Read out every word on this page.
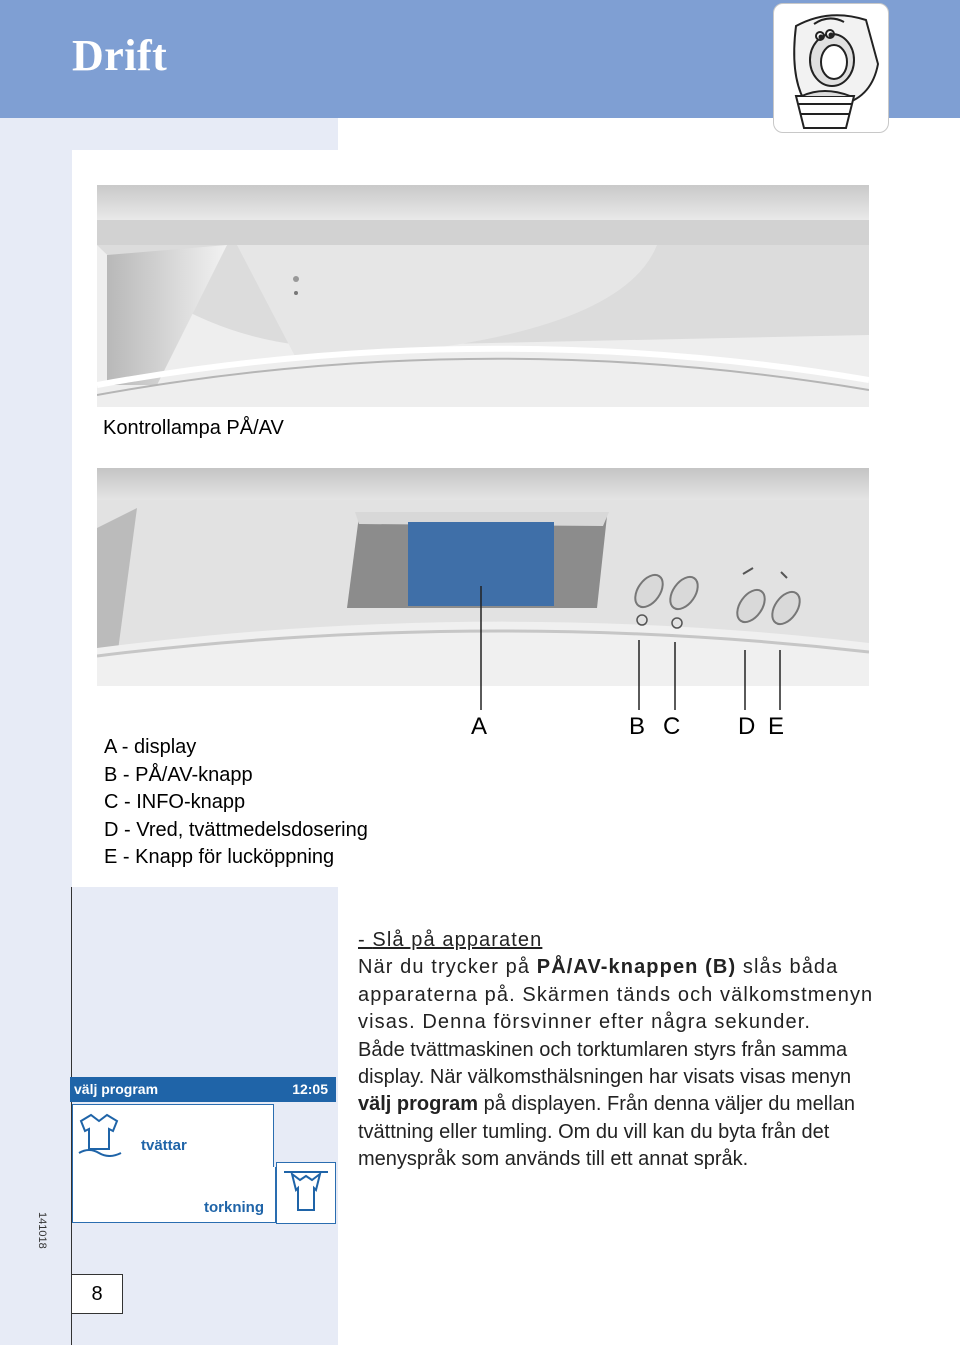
Drift
Kontrollampa PÅ/AV
A	B C D E
A - display
B - PÅ/AV-knapp
C - INFO-knapp
D - Vred, tvättmedelsdosering
E - Knapp för lucköppning

- Slå på apparaten

När du trycker på PÅ/AV-knappen (B) slås båda apparaterna på. Skärmen tänds och välkomstmenyn visas. Denna försvinner efter några sekunder.

Både tvättmaskinen och torktumlaren styrs från samma display. När välkomsthälsningen har visats visas menyn välj program på displayen. Från denna väljer du mellan tvättning eller tumling. Om du vill kan du byta från det menyspråk som används till ett annat språk.

välj program	12:05
tvättar
torkning
141018
8
